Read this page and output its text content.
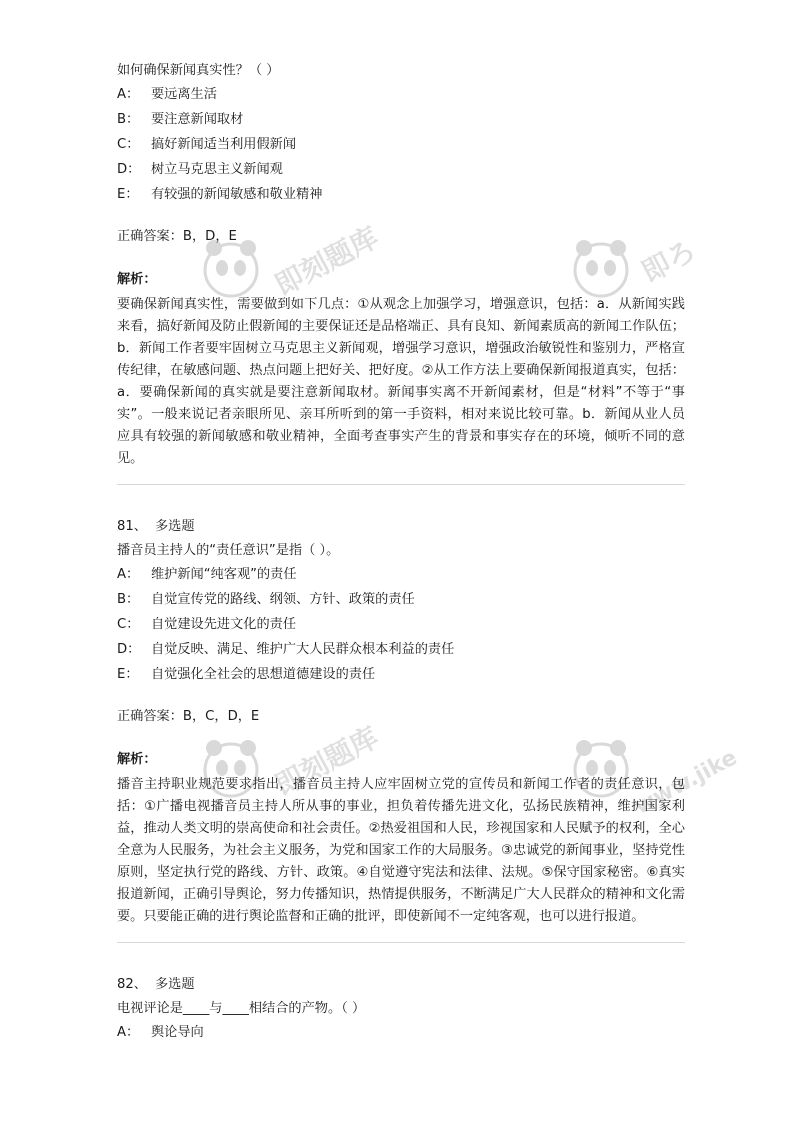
即刻题库	即ろ
即刻题库	www.jike
如何确保新闻真实性？（ ）
A： 要远离生活
B： 要注意新闻取材
C： 搞好新闻适当利用假新闻
D： 树立马克思主义新闻观
E： 有较强的新闻敏感和敬业精神
正确答案：B，D，E
解析：
要确保新闻真实性，需要做到如下几点：①从观念上加强学习，增强意识，包括：a．从新闻实践来看，搞好新闻及防止假新闻的主要保证还是品格端正、具有良知、新闻素质高的新闻工作队伍；b．新闻工作者要牢固树立马克思主义新闻观，增强学习意识，增强政治敏锐性和鉴别力，严格宣传纪律，在敏感问题、热点问题上把好关、把好度。②从工作方法上要确保新闻报道真实，包括：a．要确保新闻的真实就是要注意新闻取材。新闻事实离不开新闻素材，但是“材料”不等于“事实”。一般来说记者亲眼所见、亲耳所听到的第一手资料，相对来说比较可靠。b．新闻从业人员应具有较强的新闻敏感和敬业精神，全面考查事实产生的背景和事实存在的环境，倾听不同的意见。
81、 多选题
播音员主持人的“责任意识”是指（ ）。
A： 维护新闻“纯客观”的责任
B： 自觉宣传党的路线、纲领、方针、政策的责任
C： 自觉建设先进文化的责任
D： 自觉反映、满足、维护广大人民群众根本利益的责任
E： 自觉强化全社会的思想道德建设的责任
正确答案：B，C，D，E
解析：
播音主持职业规范要求指出，播音员主持人应牢固树立党的宣传员和新闻工作者的责任意识，包括：①广播电视播音员主持人所从事的事业，担负着传播先进文化，弘扬民族精神，维护国家利益，推动人类文明的崇高使命和社会责任。②热爱祖国和人民，珍视国家和人民赋予的权利，全心全意为人民服务，为社会主义服务，为党和国家工作的大局服务。③忠诚党的新闻事业，坚持党性原则，坚定执行党的路线、方针、政策。④自觉遵守宪法和法律、法规。⑤保守国家秘密。⑥真实报道新闻，正确引导舆论，努力传播知识，热情提供服务，不断满足广大人民群众的精神和文化需要。只要能正确的进行舆论监督和正确的批评，即使新闻不一定纯客观，也可以进行报道。
82、 多选题
电视评论是____与____相结合的产物。（ ）
A： 舆论导向
